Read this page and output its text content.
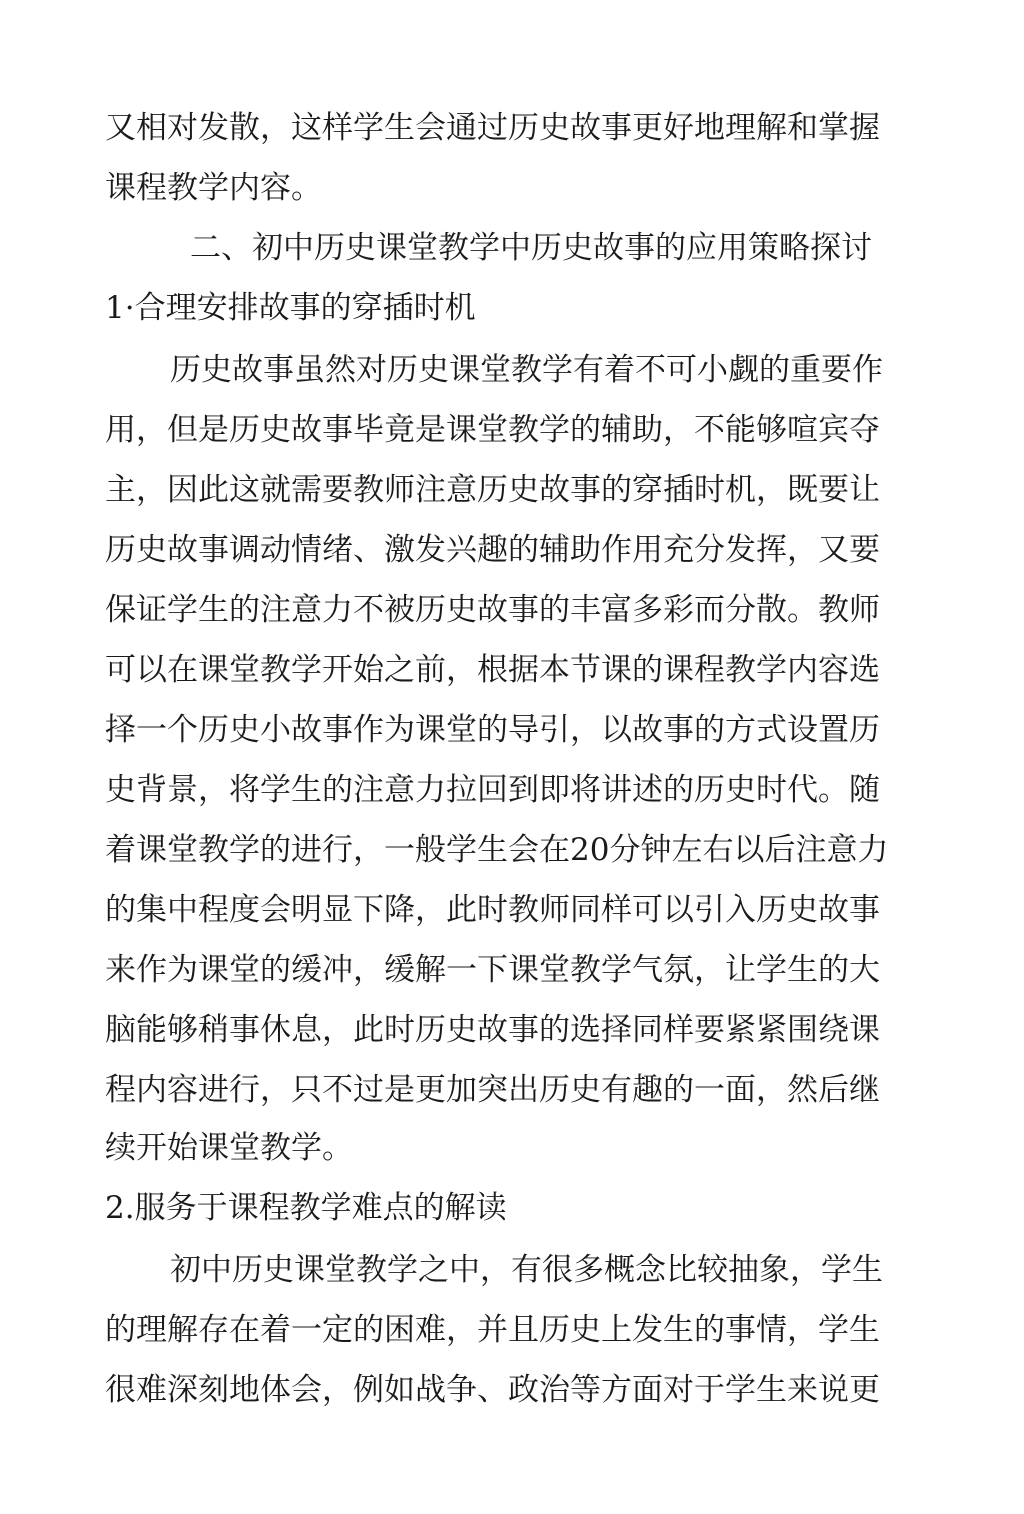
又相对发散，这样学生会通过历史故事更好地理解和掌握
课程教学内容。
二、初中历史课堂教学中历史故事的应用策略探讨
1·合理安排故事的穿插时机
历史故事虽然对历史课堂教学有着不可小觑的重要作
用，但是历史故事毕竟是课堂教学的辅助，不能够喧宾夺
主，因此这就需要教师注意历史故事的穿插时机，既要让
历史故事调动情绪、激发兴趣的辅助作用充分发挥，又要
保证学生的注意力不被历史故事的丰富多彩而分散。教师
可以在课堂教学开始之前，根据本节课的课程教学内容选
择一个历史小故事作为课堂的导引，以故事的方式设置历
史背景，将学生的注意力拉回到即将讲述的历史时代。随
着课堂教学的进行，一般学生会在20分钟左右以后注意力
的集中程度会明显下降，此时教师同样可以引入历史故事
来作为课堂的缓冲，缓解一下课堂教学气氛，让学生的大
脑能够稍事休息，此时历史故事的选择同样要紧紧围绕课
程内容进行，只不过是更加突出历史有趣的一面，然后继
续开始课堂教学。
2.服务于课程教学难点的解读
初中历史课堂教学之中，有很多概念比较抽象，学生
的理解存在着一定的困难，并且历史上发生的事情，学生
很难深刻地体会，例如战争、政治等方面对于学生来说更
